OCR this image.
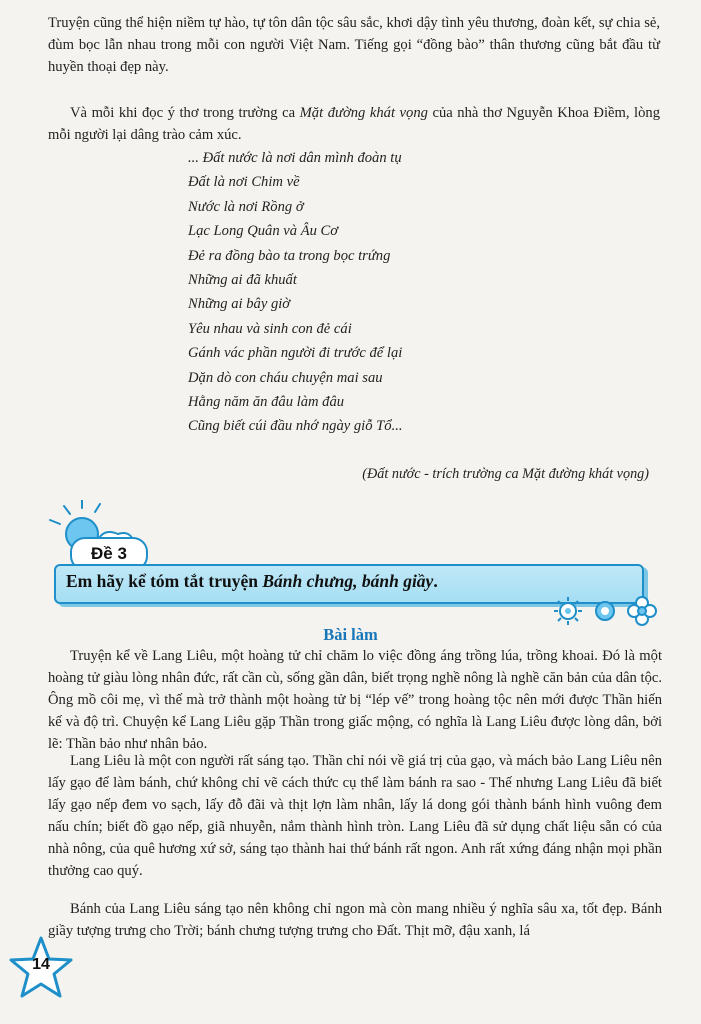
Truyện cũng thể hiện niềm tự hào, tự tôn dân tộc sâu sắc, khơi dậy tình yêu thương, đoàn kết, sự chia sẻ, đùm bọc lẫn nhau trong mỗi con người Việt Nam. Tiếng gọi “đồng bào” thân thương cũng bắt đầu từ huyền thoại đẹp này.

Và mỗi khi đọc ý thơ trong trường ca Mặt đường khát vọng của nhà thơ Nguyễn Khoa Điềm, lòng mỗi người lại dâng trào cảm xúc.

... Đất nước là nơi dân mình đoàn tụ
Đất là nơi Chim về
Nước là nơi Rồng ở
Lạc Long Quân và Âu Cơ
Đẻ ra đồng bào ta trong bọc trứng
Những ai đã khuất
Những ai bây giờ
Yêu nhau và sinh con đẻ cái
Gánh vác phần người đi trước để lại
Dặn dò con cháu chuyện mai sau
Hằng năm ăn đâu làm đâu
Cũng biết cúi đầu nhớ ngày giỗ Tổ...
(Đất nước - trích trường ca Mặt đường khát vọng)
Đề 3
Em hãy kể tóm tắt truyện Bánh chưng, bánh giầy.
Bài làm

Truyện kể về Lang Liêu, một hoàng tử chỉ chăm lo việc đồng áng trồng lúa, trồng khoai. Đó là một hoàng tử giàu lòng nhân đức, rất cần cù, sống gần dân, biết trọng nghề nông là nghề căn bản của dân tộc. Ông mồ côi mẹ, vì thế mà trở thành một hoàng tử bị “lép vế” trong hoàng tộc nên mới được Thần hiến kế và độ trì. Chuyện kể Lang Liêu gặp Thần trong giấc mộng, có nghĩa là Lang Liêu được lòng dân, bởi lẽ: Thần bảo như nhân bảo.

Lang Liêu là một con người rất sáng tạo. Thần chỉ nói về giá trị của gạo, và mách bảo Lang Liêu nên lấy gạo để làm bánh, chứ không chỉ vẽ cách thức cụ thể làm bánh ra sao - Thế nhưng Lang Liêu đã biết lấy gạo nếp đem vo sạch, lấy đỗ đãi và thịt lợn làm nhân, lấy lá dong gói thành bánh hình vuông đem nấu chín; biết đồ gạo nếp, giã nhuyễn, nắm thành hình tròn. Lang Liêu đã sử dụng chất liệu sẵn có của nhà nông, của quê hương xứ sở, sáng tạo thành hai thứ bánh rất ngon. Anh rất xứng đáng nhận mọi phần thưởng cao quý.

Bánh của Lang Liêu sáng tạo nên không chỉ ngon mà còn mang nhiều ý nghĩa sâu xa, tốt đẹp. Bánh giầy tượng trưng cho Trời; bánh chưng tượng trưng cho Đất. Thịt mỡ, đậu xanh, lá

14
